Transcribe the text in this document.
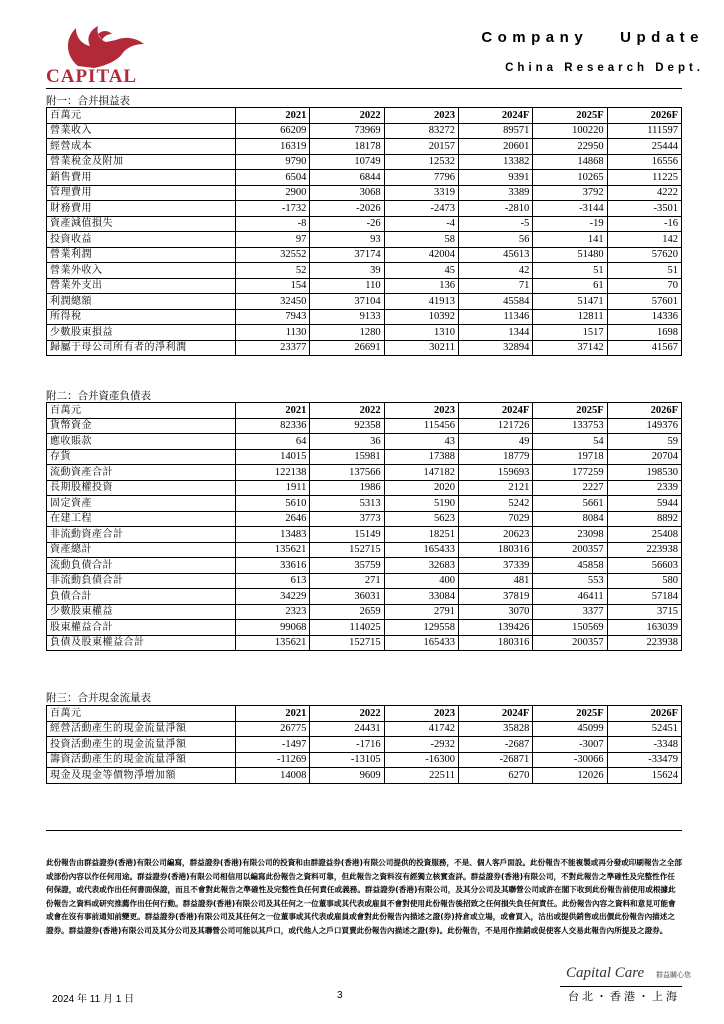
CAPITAL
Company Update
China Research Dept.
附一：合并損益表
百萬元	2021	2022	2023	2024F	2025F	2026F
營業收入	66209	73969	83272	89571	100220	111597
經營成本	16319	18178	20157	20601	22950	25444
營業稅金及附加	9790	10749	12532	13382	14868	16556
銷售費用	6504	6844	7796	9391	10265	11225
管理費用	2900	3068	3319	3389	3792	4222
財務費用	-1732	-2026	-2473	-2810	-3144	-3501
資產減值損失	-8	-26	-4	-5	-19	-16
投資收益	97	93	58	56	141	142
營業利潤	32552	37174	42004	45613	51480	57620
營業外收入	52	39	45	42	51	51
營業外支出	154	110	136	71	61	70
利潤總額	32450	37104	41913	45584	51471	57601
所得稅	7943	9133	10392	11346	12811	14336
少數股東損益	1130	1280	1310	1344	1517	1698
歸屬于母公司所有者的淨利潤	23377	26691	30211	32894	37142	41567
附二：合并資產負債表
百萬元	2021	2022	2023	2024F	2025F	2026F
貨幣資金	82336	92358	115456	121726	133753	149376
應收賬款	64	36	43	49	54	59
存貨	14015	15981	17388	18779	19718	20704
流動資產合計	122138	137566	147182	159693	177259	198530
長期股權投資	1911	1986	2020	2121	2227	2339
固定資產	5610	5313	5190	5242	5661	5944
在建工程	2646	3773	5623	7029	8084	8892
非流動資產合計	13483	15149	18251	20623	23098	25408
資產總計	135621	152715	165433	180316	200357	223938
流動負債合計	33616	35759	32683	37339	45858	56603
非流動負債合計	613	271	400	481	553	580
負債合計	34229	36031	33084	37819	46411	57184
少數股東權益	2323	2659	2791	3070	3377	3715
股東權益合計	99068	114025	129558	139426	150569	163039
負債及股東權益合計	135621	152715	165433	180316	200357	223938
附三：合并現金流量表
百萬元	2021	2022	2023	2024F	2025F	2026F
經營活動產生的現金流量淨額	26775	24431	41742	35828	45099	52451
投資活動產生的現金流量淨額	-1497	-1716	-2932	-2687	-3007	-3348
籌資活動產生的現金流量淨額	-11269	-13105	-16300	-26871	-30066	-33479
現金及現金等價物淨增加額	14008	9609	22511	6270	12026	15624
此份報告由群益證券(香港)有限公司編寫，群益證券(香港)有限公司的投資和由群證益券(香港)有限公司提供的投資服務，不是、個人客戶面設。此份報告不能複製或再分發或印刷報告之全部或部份內容以作任何用途。群益證券(香港)有限公司相信用以編寫此份報告之資料可靠，但此報告之資料沒有經獨立核實查詳。群益證券(香港)有限公司，不對此報告之準確性及完整性作任何保證，或代表或作出任何書面保證，而且不會對此報告之準確性及完整性負任何責任或義務。群益證券(香港)有限公司，及其分公司及其聯營公司或許在閣下收到此份報告前使用或根據此份報告之資料或研究推薦作出任何行動。群益證券(香港)有限公司及其任何之一位董事或其代表或雇員不會對使用此份報告後招致之任何損失負任何責任。此份報告內容之資料和意見可能會或會在沒有事前通知前變更。群益證券(香港)有限公司及其任何之一位董事或其代表或雇員或會對此份報告內描述之證(券)持倉或立場，或會買入，沽出或提供銷售或出價此份報告內描述之證券。群益證券(香港)有限公司及其分公司及其聯營公司可能以其戶口，或代他人之戶口買賣此份報告內描述之證(券)。此份報告，不是用作推銷或促使客人交易此報告內所提及之證券。
Capital Care 群益關心您
台北・香港・上海
2024 年 11 月 1 日	3
